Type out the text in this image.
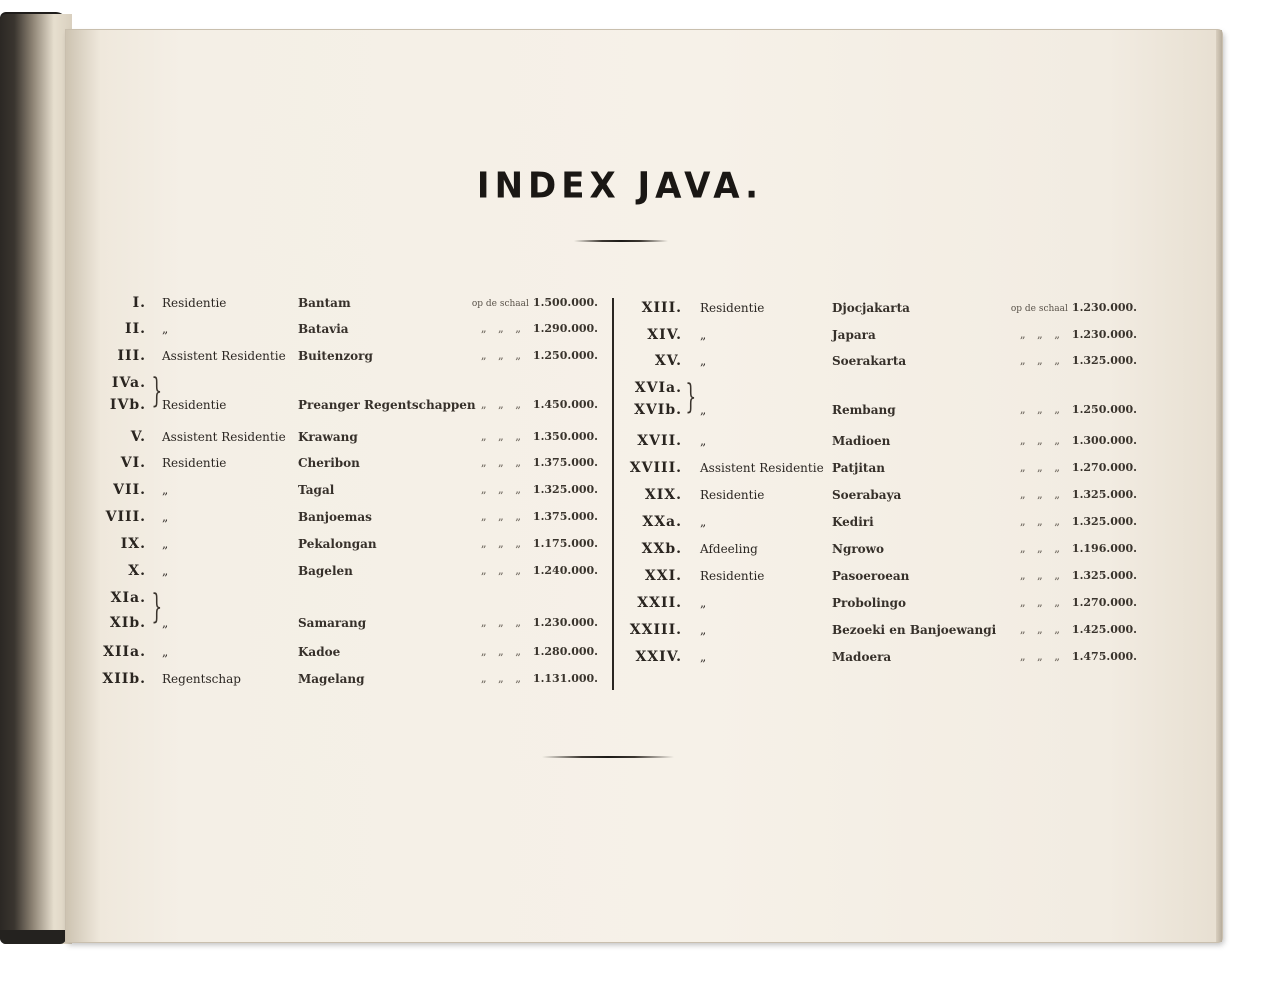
INDEX JAVA.
I. Residentie	Bantam	op de schaal 1.500.000.
II. „	Batavia	„ „ „ 1.290.000.
III. Assistent Residentie Buitenzorg	„ „ „ 1.250.000.
IVa.
IVb. Residentie	Preanger Regentschappen „ „ „ 1.450.000.
V. Assistent Residentie Krawang	„ „ „ 1.350.000.
VI. Residentie	Cheribon	„ „ „ 1.375.000.
VII. „	Tagal	„ „ „ 1.325.000.
VIII. „	Banjoemas	„ „ „ 1.375.000.
IX. „	Pekalongan	„ „ „ 1.175.000.
X. „	Bagelen	„ „ „ 1.240.000.
XIa.
XIb. „	Samarang	„ „ „ 1.230.000.
XIIa. „	Kadoe	„ „ „ 1.280.000.
XIIb. Regentschap	Magelang	„ „ „ 1.131.000.
XIII. Residentie	Djocjakarta	op de schaal 1.230.000.
XIV. „	Japara	„ „ „ 1.230.000.
XV. „	Soerakarta	„ „ „ 1.325.000.
XVIa.
XVIb. „	Rembang	„ „ „ 1.250.000.
XVII. „	Madioen	„ „ „ 1.300.000.
XVIII. Assistent Residentie Patjitan	„ „ „ 1.270.000.
XIX. Residentie	Soerabaya	„ „ „ 1.325.000.
XXa. „	Kediri	„ „ „ 1.325.000.
XXb. Afdeeling	Ngrowo	„ „ „ 1.196.000.
XXI. Residentie	Pasoeroean	„ „ „ 1.325.000.
XXII. „	Probolingo	„ „ „ 1.270.000.
XXIII. „	Bezoeki en Banjoewangi „ „ „ 1.425.000.
XXIV. „	Madoera	„ „ „ 1.475.000.
}
}
}
